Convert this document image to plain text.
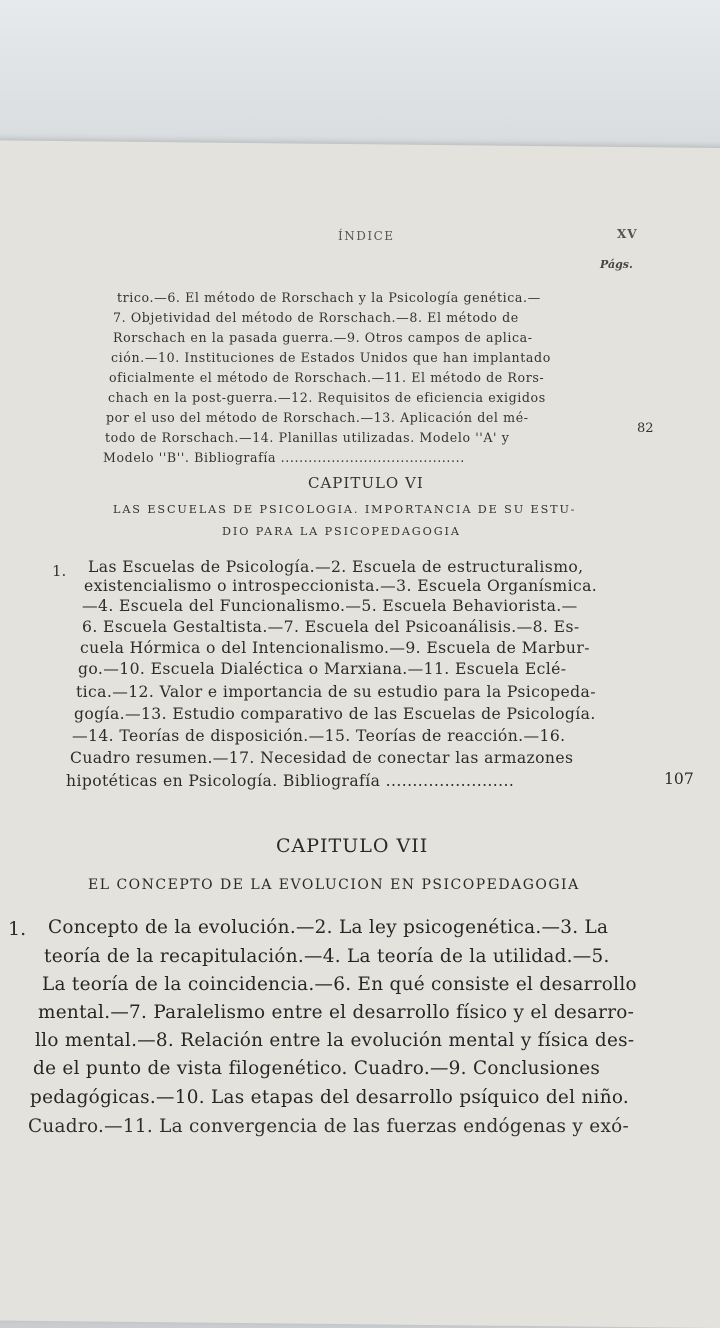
ÍNDICE	XV
Págs.
trico.—6. El método de Rorschach y la Psicología genética.—
7. Objetividad del método de Rorschach.—8. El método de
Rorschach en la pasada guerra.—9. Otros campos de aplica-
ción.—10. Instituciones de Estados Unidos que han implantado
oficialmente el método de Rorschach.—11. El método de Rors-
chach en la post-guerra.—12. Requisitos de eficiencia exigidos
por el uso del método de Rorschach.—13. Aplicación del mé-
todo de Rorschach.—14. Planillas utilizadas. Modelo ''A' y
Modelo ''B''. Bibliografía ........................................
82
CAPITULO VI
LAS ESCUELAS DE PSICOLOGIA. IMPORTANCIA DE SU ESTU-
DIO PARA LA PSICOPEDAGOGIA
1. Las Escuelas de Psicología.—2. Escuela de estructuralismo,
existencialismo o introspeccionista.—3. Escuela Organísmica.
—4. Escuela del Funcionalismo.—5. Escuela Behaviorista.—
6. Escuela Gestaltista.—7. Escuela del Psicoanálisis.—8. Es-
cuela Hórmica o del Intencionalismo.—9. Escuela de Marbur-
go.—10. Escuela Dialéctica o Marxiana.—11. Escuela Eclé-
tica.—12. Valor e importancia de su estudio para la Psicopeda-
gogía.—13. Estudio comparativo de las Escuelas de Psicología.
—14. Teorías de disposición.—15. Teorías de reacción.—16.
Cuadro resumen.—17. Necesidad de conectar las armazones
hipotéticas en Psicología. Bibliografía ........................	107
CAPITULO VII
EL CONCEPTO DE LA EVOLUCION EN PSICOPEDAGOGIA
1. Concepto de la evolución.—2. La ley psicogenética.—3. La
teoría de la recapitulación.—4. La teoría de la utilidad.—5.
La teoría de la coincidencia.—6. En qué consiste el desarrollo
mental.—7. Paralelismo entre el desarrollo físico y el desarro-
llo mental.—8. Relación entre la evolución mental y física des-
de el punto de vista filogenético. Cuadro.—9. Conclusiones
pedagógicas.—10. Las etapas del desarrollo psíquico del niño.
Cuadro.—11. La convergencia de las fuerzas endógenas y exó-
